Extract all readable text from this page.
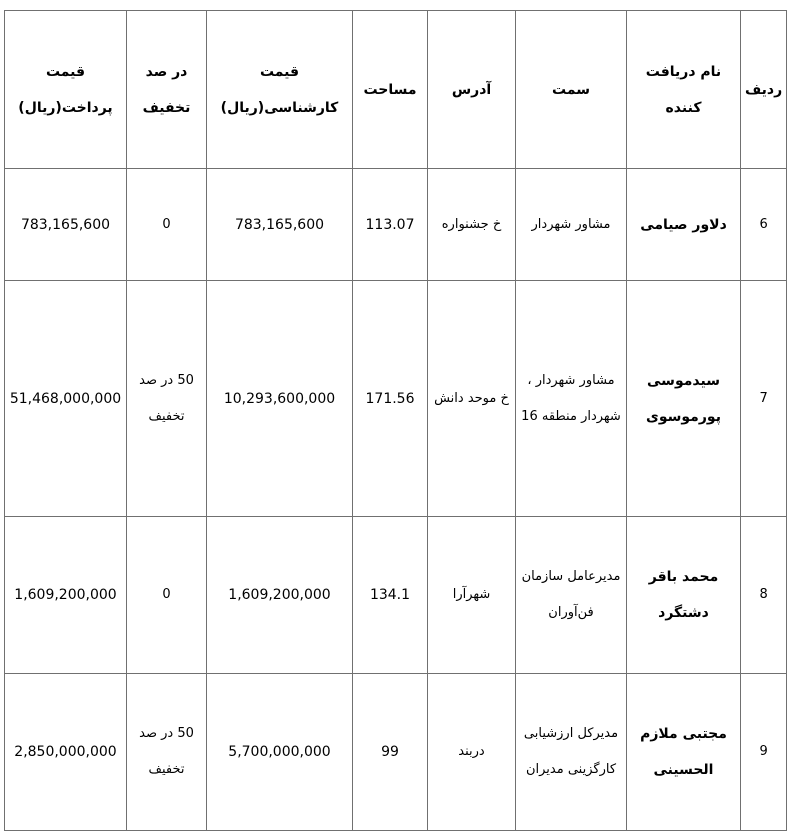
ردیف	نام دریافت کننده	سمت	آدرس	مساحت	قیمت کارشناسی(ریال)	در صد تخفیف	قیمت پرداخت(ریال)
6	دلاور صیامی	مشاور شهردار	خ جشنواره	113.07	783,165,600	0	783,165,600
7	سیدموسی پورموسوی	مشاور شهردار ، شهردار منطقه 16	خ موحد دانش	171.56	10,293,600,000	50 در صد تخفیف	51,468,000,000
8	محمد باقر دشتگرد	مدیرعامل سازمان فن‌آوران	شهرآرا	134.1	1,609,200,000	0	1,609,200,000
9	مجتبی ملازم الحسینی	مدیرکل ارزشیابی کارگزینی مدیران	دربند	99	5,700,000,000	50 در صد تخفیف	2,850,000,000
